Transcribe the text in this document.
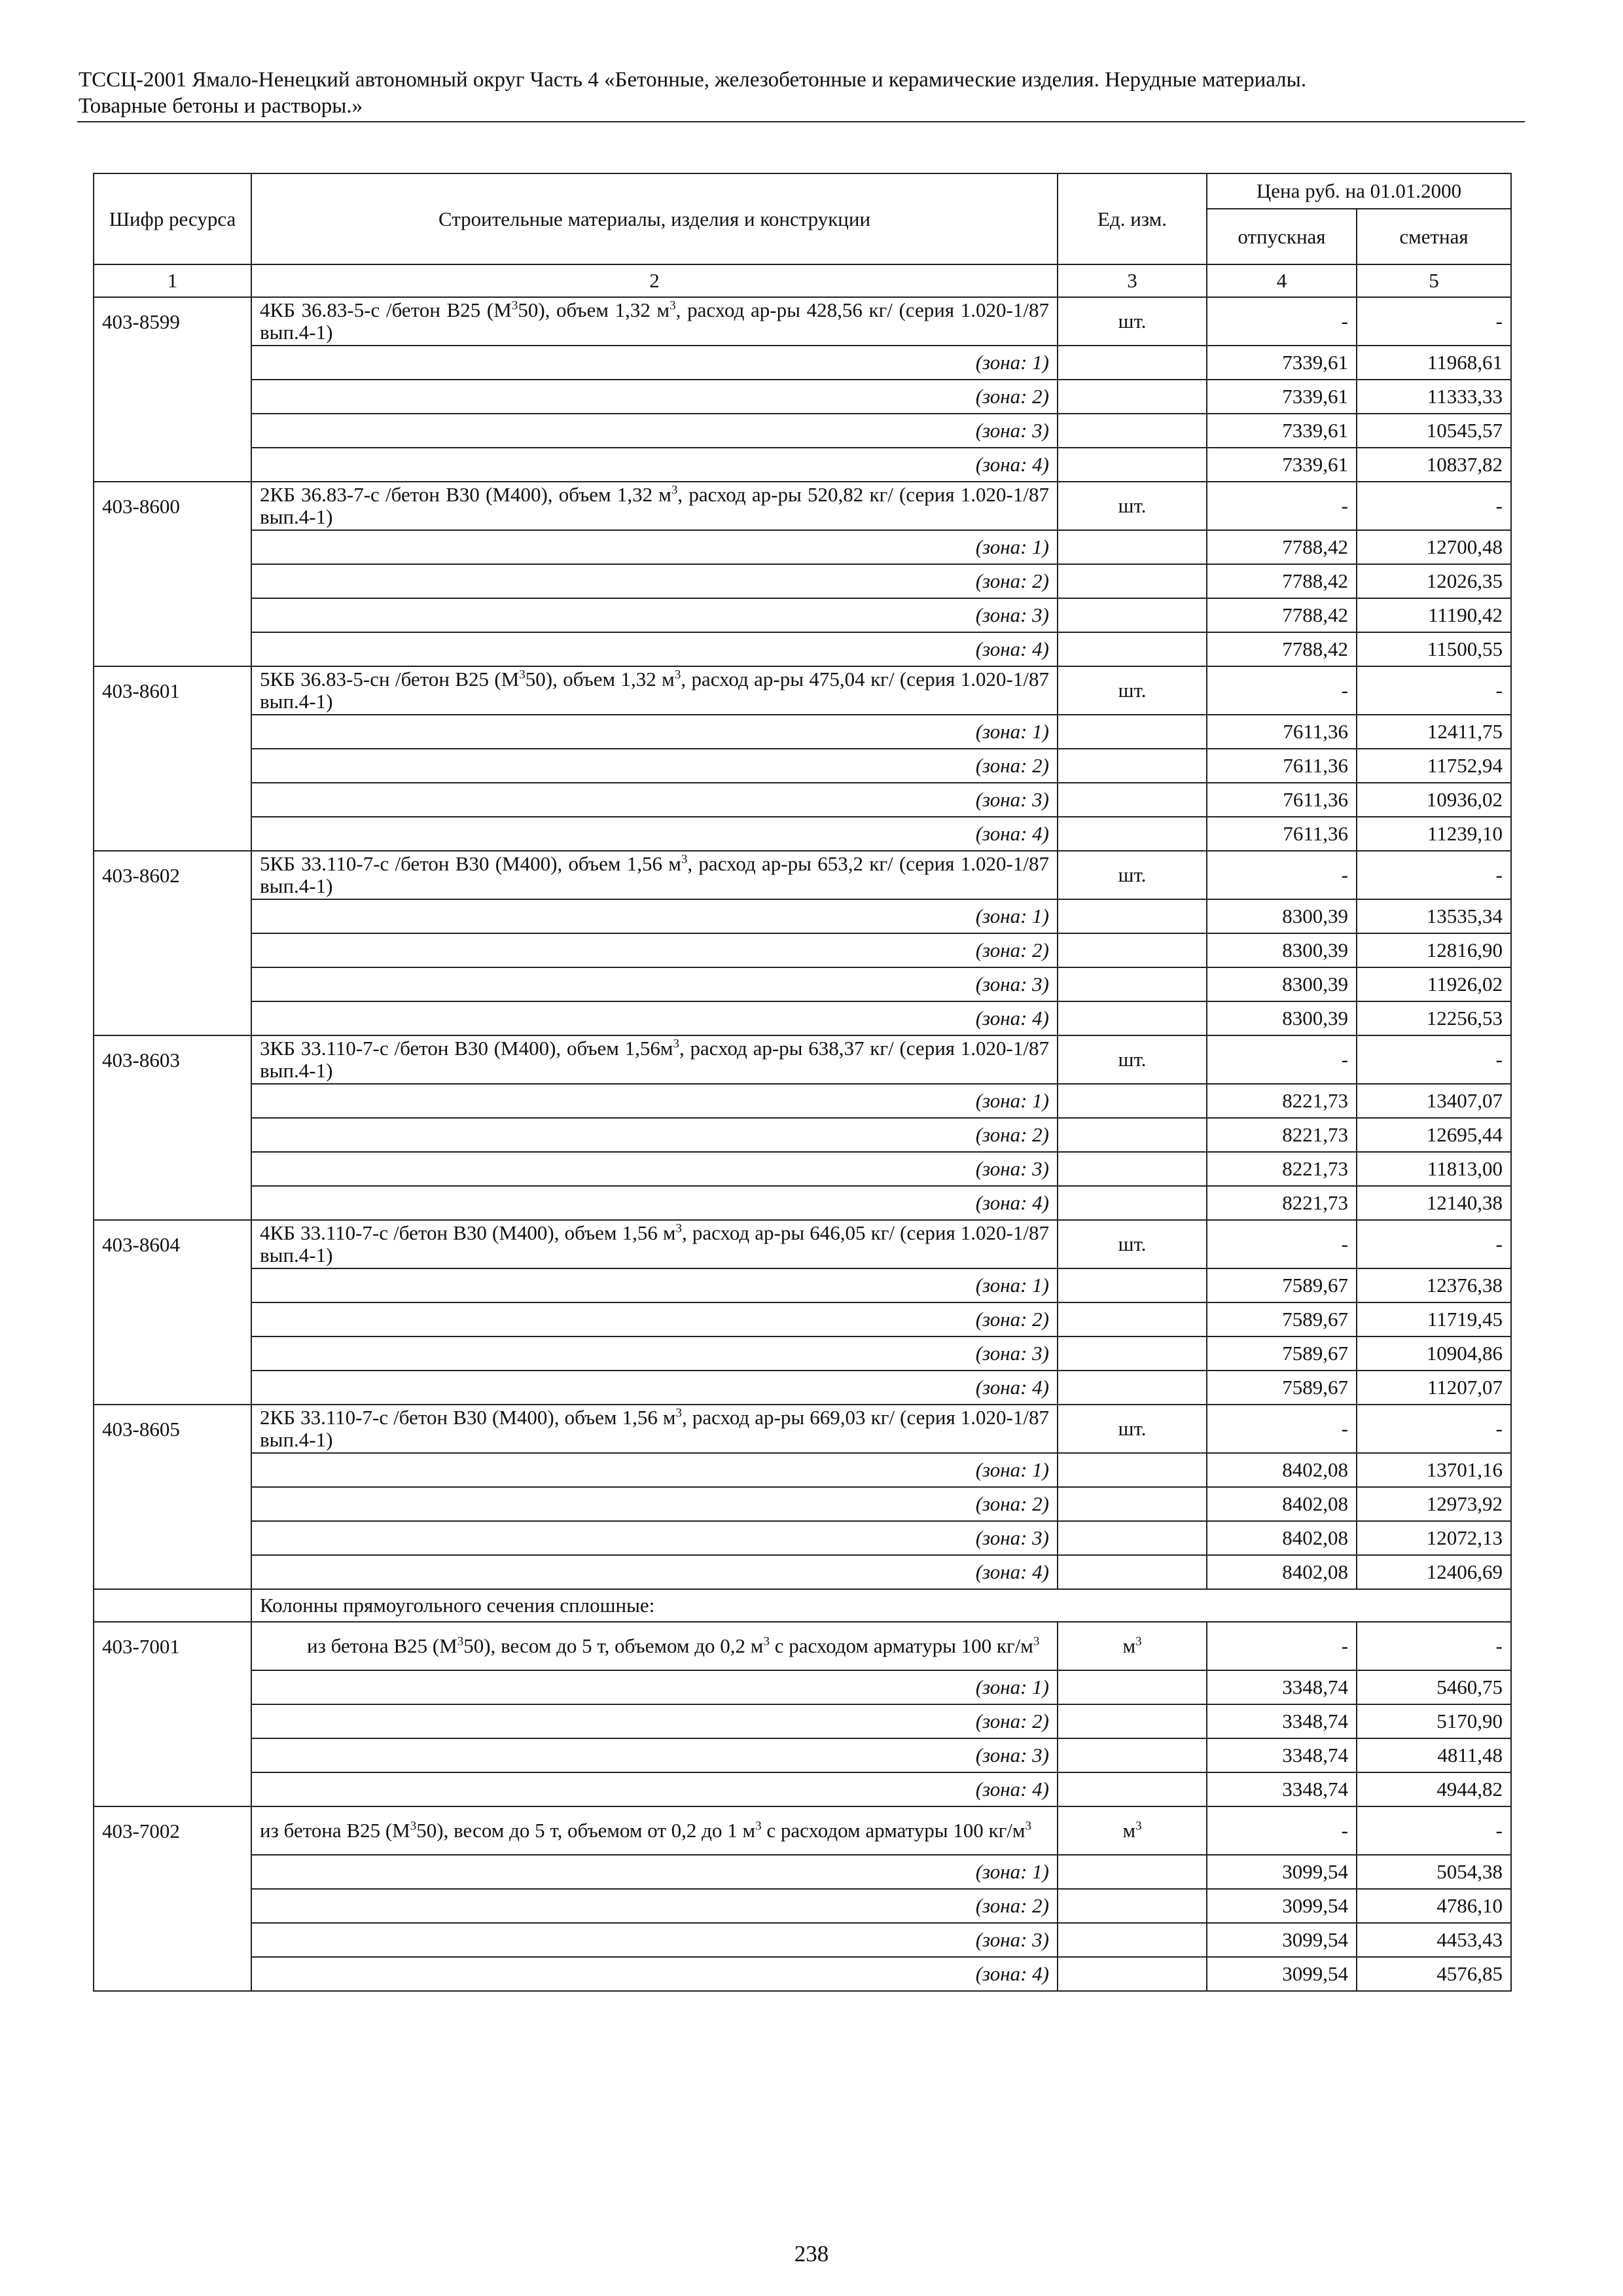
ТССЦ-2001 Ямало-Ненецкий автономный округ Часть 4 «Бетонные, железобетонные и керамические изделия. Нерудные материалы.
Товарные бетоны и растворы.»
Шифр ресурса	Строительные материалы, изделия и конструкции	Ед. изм.	Цена руб. на 01.01.2000	
			отпускная	сметная
1	2	3	4	5
403-8599	4КБ 36.83-5-с /бетон В25 $(М^350)$, объем 1,32 $м^3$, расход ар-ры 428,56 кг/ (серия 1.020-1/87 вып.4-1)	шт.	-	-
	(зона: 1)		7339,61	11968,61
	(зона: 2)		7339,61	11333,33
	(зона: 3)		7339,61	10545,57
	(зона: 4)		7339,61	10837,82
403-8600	2КБ 36.83-7-с /бетон В30 (М400), объем 1,32 $м^3$, расход ар-ры 520,82 кг/ (серия 1.020-1/87 вып.4-1)	шт.	-	-
	(зона: 1)		7788,42	12700,48
	(зона: 2)		7788,42	12026,35
	(зона: 3)		7788,42	11190,42
	(зона: 4)		7788,42	11500,55
403-8601	5КБ 36.83-5-сн /бетон В25 $(М^350)$, объем 1,32 $м^3$, расход ар-ры 475,04 кг/ (серия 1.020-1/87 вып.4-1)	шт.	-	-
	(зона: 1)		7611,36	12411,75
	(зона: 2)		7611,36	11752,94
	(зона: 3)		7611,36	10936,02
	(зона: 4)		7611,36	11239,10
403-8602	5КБ 33.110-7-с /бетон В30 (М400), объем 1,56 $м^3$, расход ар-ры 653,2 кг/ (серия 1.020-1/87 вып.4-1)	шт.	-	-
	(зона: 1)		8300,39	13535,34
	(зона: 2)		8300,39	12816,90
	(зона: 3)		8300,39	11926,02
	(зона: 4)		8300,39	12256,53
403-8603	3КБ 33.110-7-с /бетон В30 (М400), объем $1,56м^3$, расход ар-ры 638,37 кг/ (серия 1.020-1/87 вып.4-1)	шт.	-	-
	(зона: 1)		8221,73	13407,07
	(зона: 2)		8221,73	12695,44
	(зона: 3)		8221,73	11813,00
	(зона: 4)		8221,73	12140,38
403-8604	4КБ 33.110-7-с /бетон В30 (М400), объем 1,56 $м^3$, расход ар-ры 646,05 кг/ (серия 1.020-1/87 вып.4-1)	шт.	-	-
	(зона: 1)		7589,67	12376,38
	(зона: 2)		7589,67	11719,45
	(зона: 3)		7589,67	10904,86
	(зона: 4)		7589,67	11207,07
403-8605	2КБ 33.110-7-с /бетон В30 (М400), объем 1,56 $м^3$, расход ар-ры 669,03 кг/ (серия 1.020-1/87 вып.4-1)	шт.	-	-
	(зона: 1)		8402,08	13701,16
	(зона: 2)		8402,08	12973,92
	(зона: 3)		8402,08	12072,13
	(зона: 4)		8402,08	12406,69
	Колонны прямоугольного сечения сплошные:			
403-7001	из бетона В25 $(М^350)$, весом до 5 т, объемом до 0,2 $м^3$ с расходом арматуры 100 $кг/м^3$	$м^3$	-	-
	(зона: 1)		3348,74	5460,75
	(зона: 2)		3348,74	5170,90
	(зона: 3)		3348,74	4811,48
	(зона: 4)		3348,74	4944,82
403-7002	из бетона В25 $(М^350)$, весом до 5 т, объемом от 0,2 до 1 $м^3$ с расходом арматуры 100 $кг/м^3$	$м^3$	-	-
	(зона: 1)		3099,54	5054,38
	(зона: 2)		3099,54	4786,10
	(зона: 3)		3099,54	4453,43
	(зона: 4)		3099,54	4576,85
238
